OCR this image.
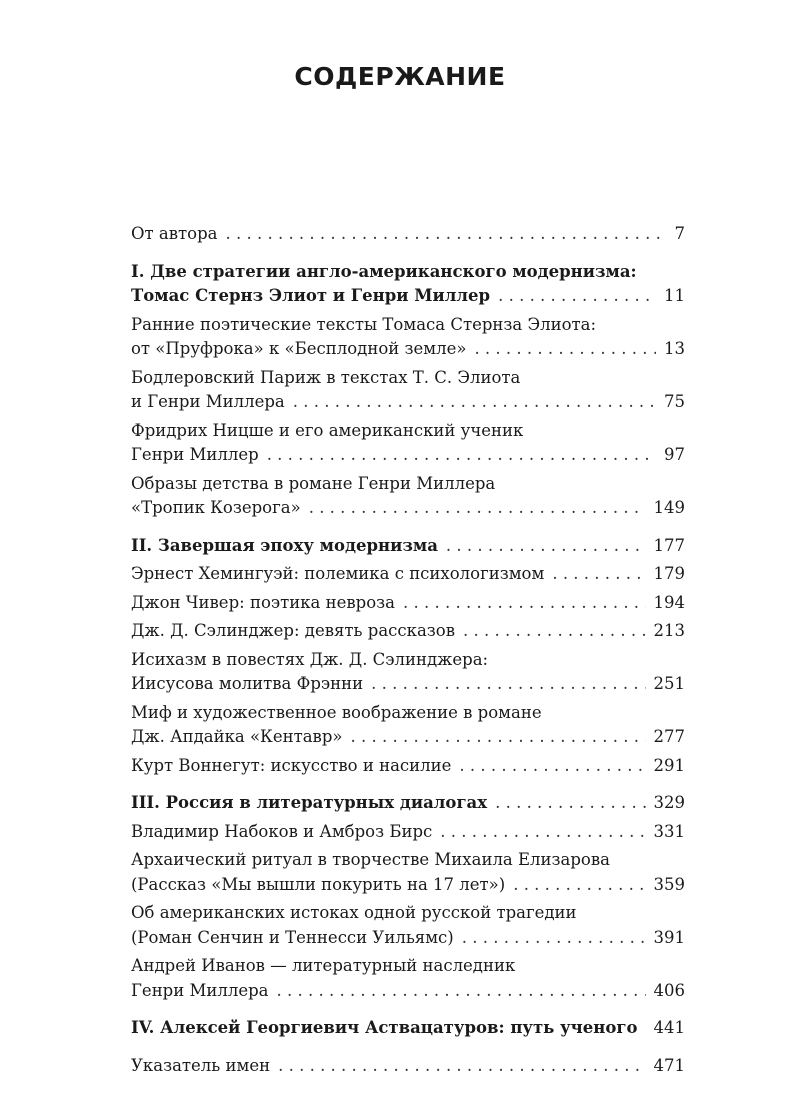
СОДЕРЖАНИЕ
От автора . . .	7
I. Две стратегии англо-американского модернизма:
Томас Стернз Элиот и Генри Миллер . . .	11
Ранние поэтические тексты Томаса Стернза Элиота:
от «Пруфрока» к «Бесплодной земле» . . .	13
Бодлеровский Париж в текстах Т. С. Элиота
и Генри Миллера . . .	75
Фридрих Ницше и его американский ученик
Генри Миллер . . .	97
Образы детства в романе Генри Миллера
«Тропик Козерога» . . .	149
II. Завершая эпоху модернизма . . .	177
Эрнест Хемингуэй: полемика с психологизмом . . .	179
Джон Чивер: поэтика невроза . . .	194
Дж. Д. Сэлинджер: девять рассказов . . .	213
Исихазм в повестях Дж. Д. Сэлинджера:
Иисусова молитва Фрэнни . . .	251
Миф и художественное воображение в романе
Дж. Апдайка «Кентавр» . . .	277
Курт Воннегут: искусство и насилие . . .	291
III. Россия в литературных диалогах . . .	329
Владимир Набоков и Амброз Бирс . . .	331
Архаический ритуал в творчестве Михаила Елизарова
(Рассказ «Мы вышли покурить на 17 лет») . . .	359
Об американских истоках одной русской трагедии
(Роман Сенчин и Теннесси Уильямс) . . .	391
Андрей Иванов — литературный наследник
Генри Миллера . . .	406
IV. Алексей Георгиевич Аствацатуров: путь ученого . . . 441
Указатель имен . . .	471
